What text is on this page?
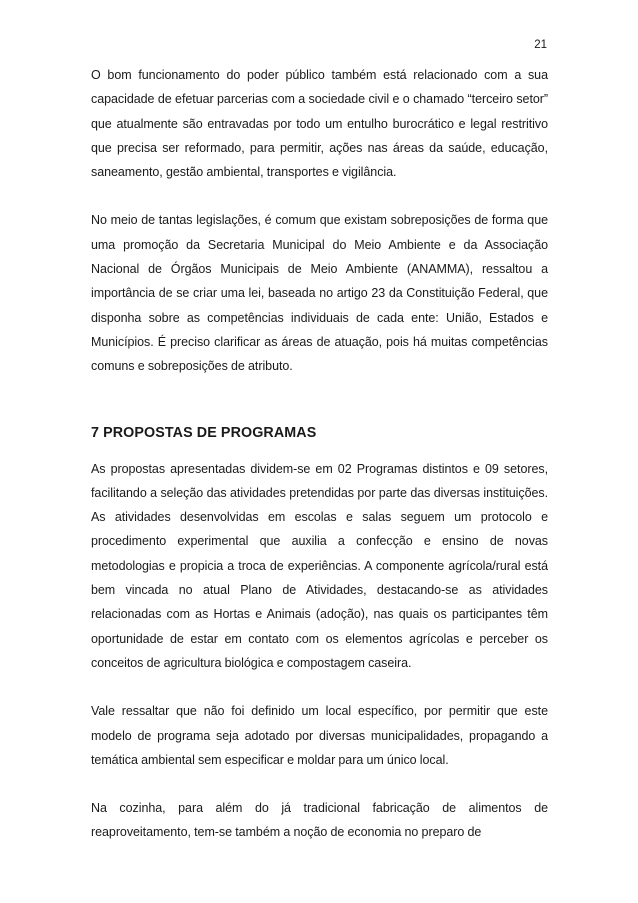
21

O bom funcionamento do poder público também está relacionado com a sua capacidade de efetuar parcerias com a sociedade civil e o chamado “terceiro setor” que atualmente são entravadas por todo um entulho burocrático e legal restritivo que precisa ser reformado, para permitir, ações nas áreas da saúde, educação, saneamento, gestão ambiental, transportes e vigilância.

No meio de tantas legislações, é comum que existam sobreposições de forma que uma promoção da Secretaria Municipal do Meio Ambiente e da Associação Nacional de Órgãos Municipais de Meio Ambiente (ANAMMA), ressaltou a importância de se criar uma lei, baseada no artigo 23 da Constituição Federal, que disponha sobre as competências individuais de cada ente: União, Estados e Municípios. É preciso clarificar as áreas de atuação, pois há muitas competências comuns e sobreposições de atributo.

7 PROPOSTAS DE PROGRAMAS

As propostas apresentadas dividem-se em 02 Programas distintos e 09 setores, facilitando a seleção das atividades pretendidas por parte das diversas instituições. As atividades desenvolvidas em escolas e salas seguem um protocolo e procedimento experimental que auxilia a confecção e ensino de novas metodologias e propicia a troca de experiências. A componente agrícola/rural está bem vincada no atual Plano de Atividades, destacando-se as atividades relacionadas com as Hortas e Animais (adoção), nas quais os participantes têm oportunidade de estar em contato com os elementos agrícolas e perceber os conceitos de agricultura biológica e compostagem caseira.

Vale ressaltar que não foi definido um local específico, por permitir que este modelo de programa seja adotado por diversas municipalidades, propagando a temática ambiental sem especificar e moldar para um único local.

Na cozinha, para além do já tradicional fabricação de alimentos de reaproveitamento, tem-se também a noção de economia no preparo de
